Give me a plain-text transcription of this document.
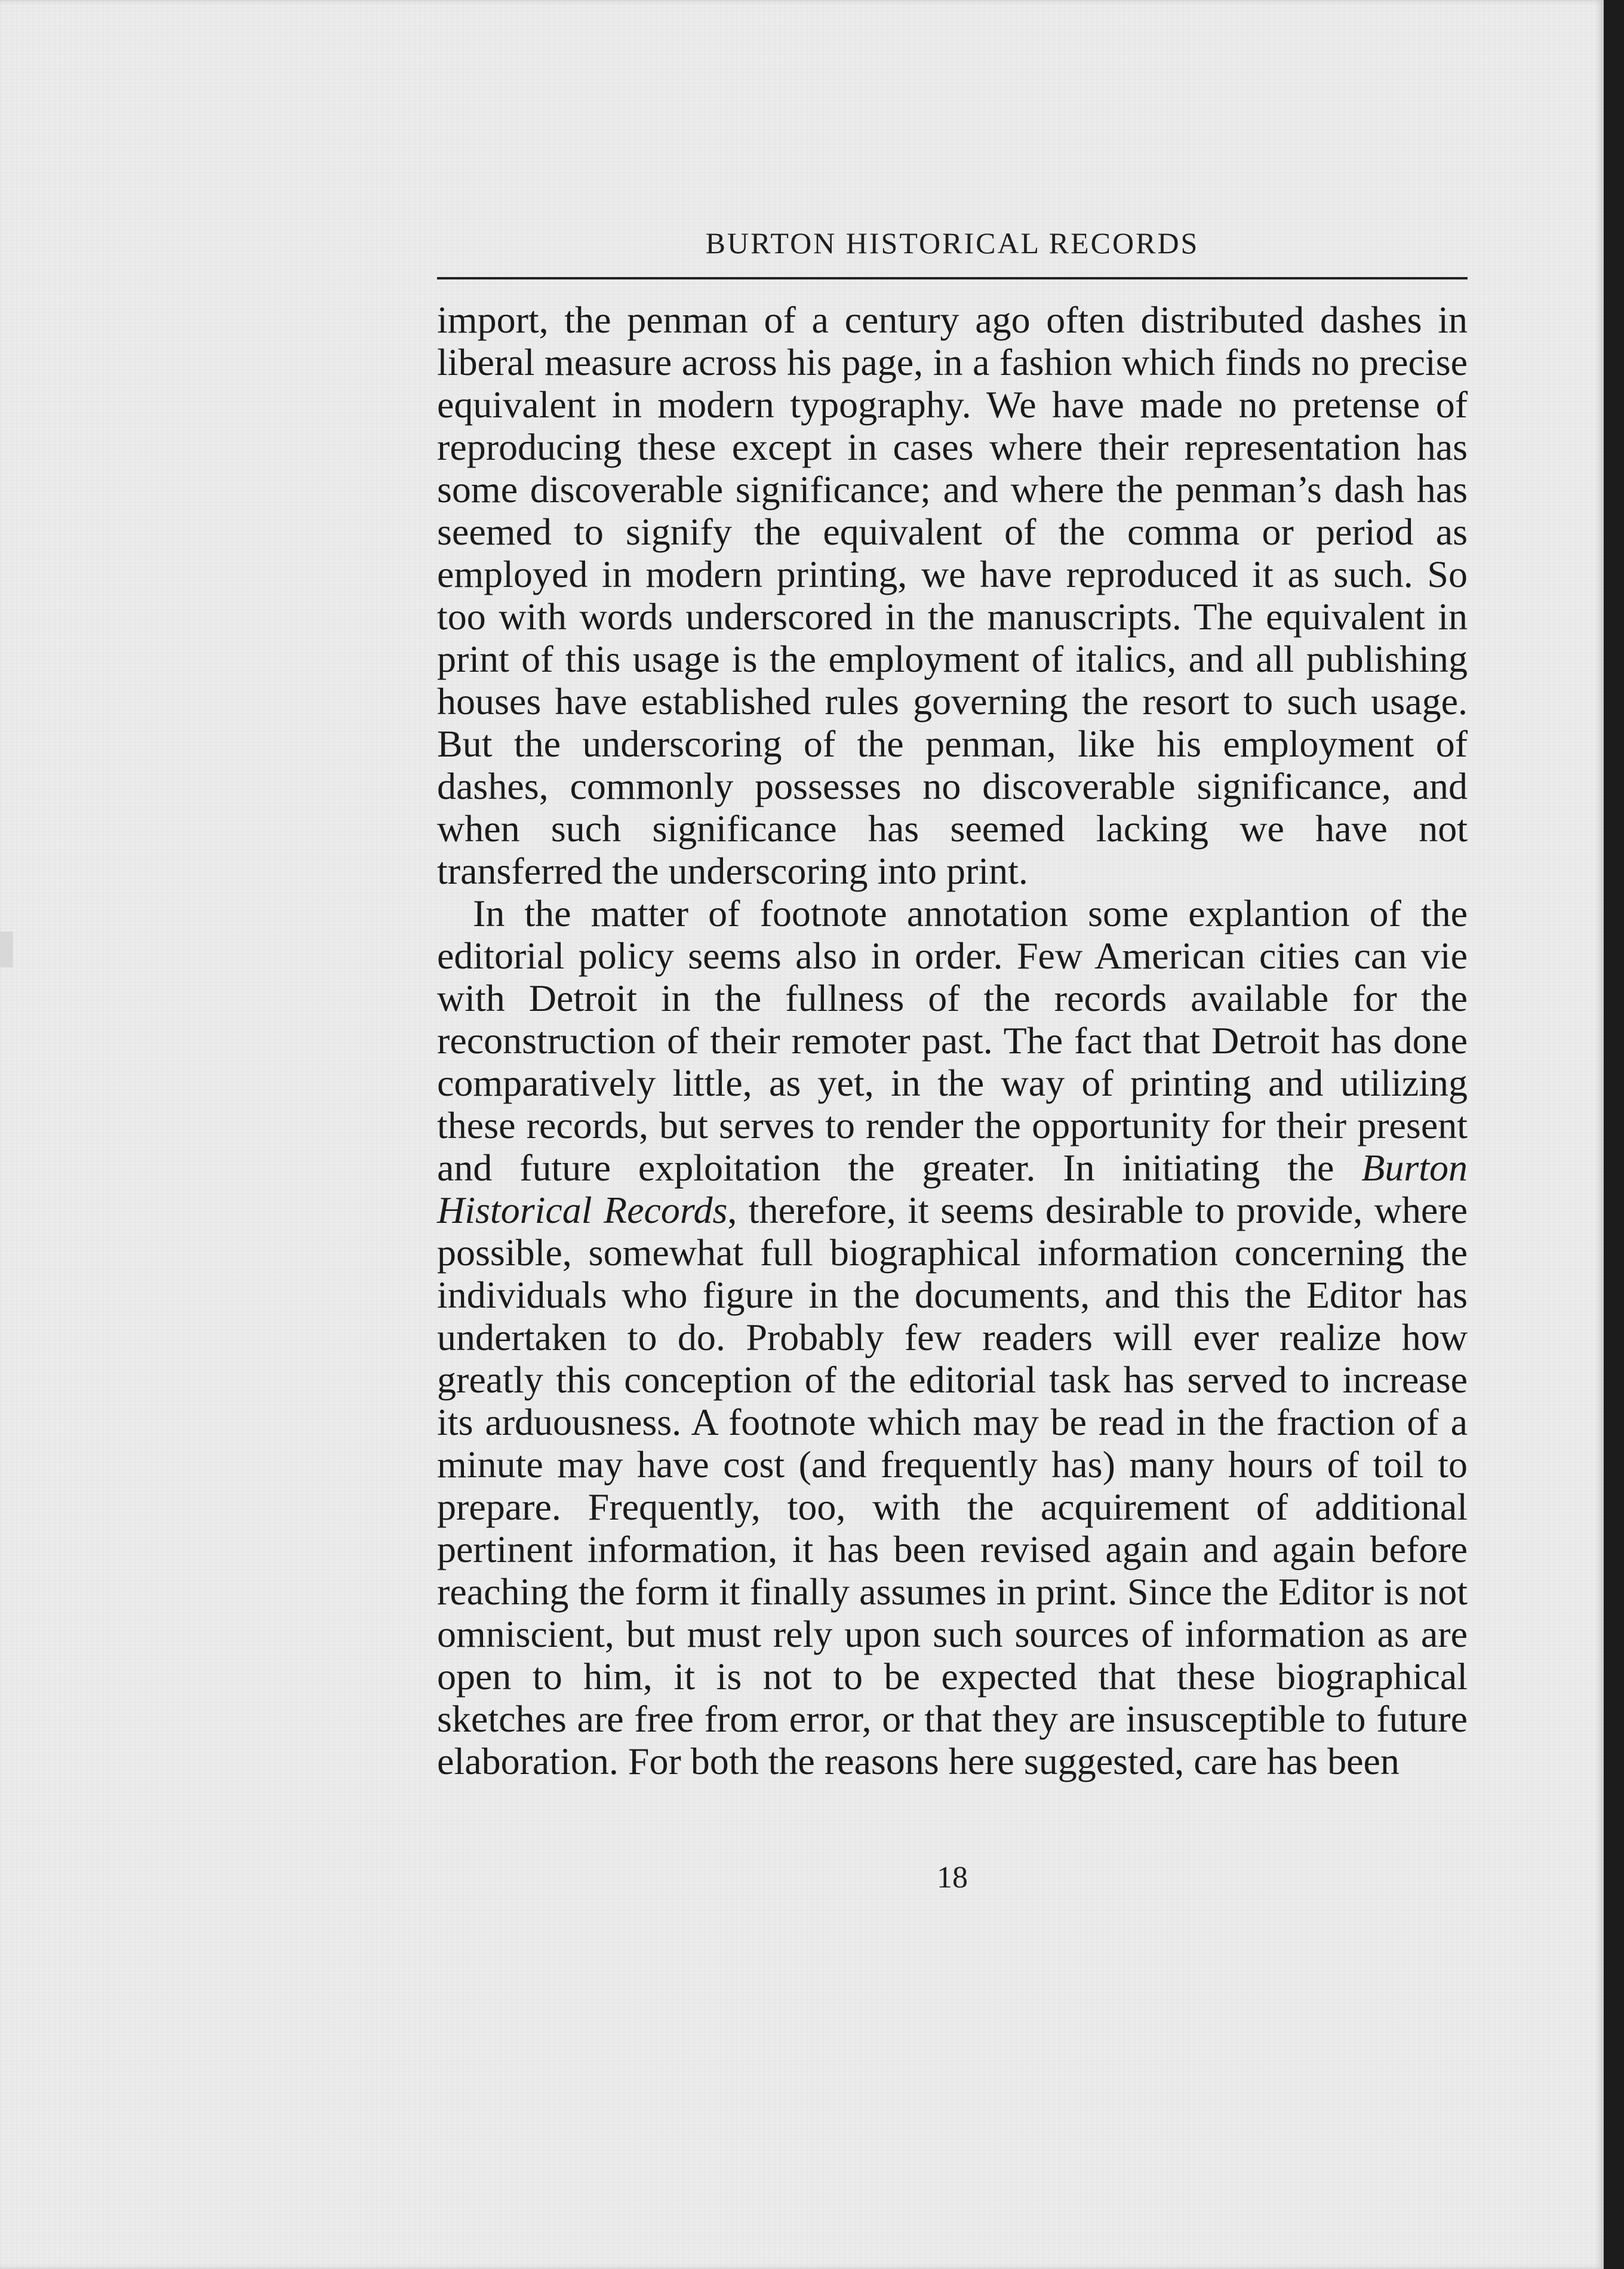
BURTON HISTORICAL RECORDS

import, the penman of a century ago often distributed dashes in liberal measure across his page, in a fashion which finds no precise equivalent in modern typography. We have made no pretense of reproducing these except in cases where their representation has some discoverable significance; and where the penman’s dash has seemed to signify the equivalent of the comma or period as employed in modern printing, we have reproduced it as such. So too with words underscored in the manuscripts. The equivalent in print of this usage is the employment of italics, and all publishing houses have established rules governing the resort to such usage. But the underscoring of the penman, like his employment of dashes, commonly possesses no discoverable significance, and when such significance has seemed lacking we have not transferred the underscoring into print.

In the matter of footnote annotation some explantion of the editorial policy seems also in order. Few American cities can vie with Detroit in the fullness of the records available for the reconstruction of their remoter past. The fact that Detroit has done comparatively little, as yet, in the way of printing and utilizing these records, but serves to render the opportunity for their present and future exploitation the greater. In initiating the Burton Historical Records, therefore, it seems desirable to provide, where possible, somewhat full biographical information concerning the individuals who figure in the documents, and this the Editor has undertaken to do. Probably few readers will ever realize how greatly this conception of the editorial task has served to increase its arduousness. A footnote which may be read in the fraction of a minute may have cost (and frequently has) many hours of toil to prepare. Frequently, too, with the acquirement of additional pertinent information, it has been revised again and again before reaching the form it finally assumes in print. Since the Editor is not omniscient, but must rely upon such sources of information as are open to him, it is not to be expected that these biographical sketches are free from error, or that they are insusceptible to future elaboration. For both the reasons here suggested, care has been

18
